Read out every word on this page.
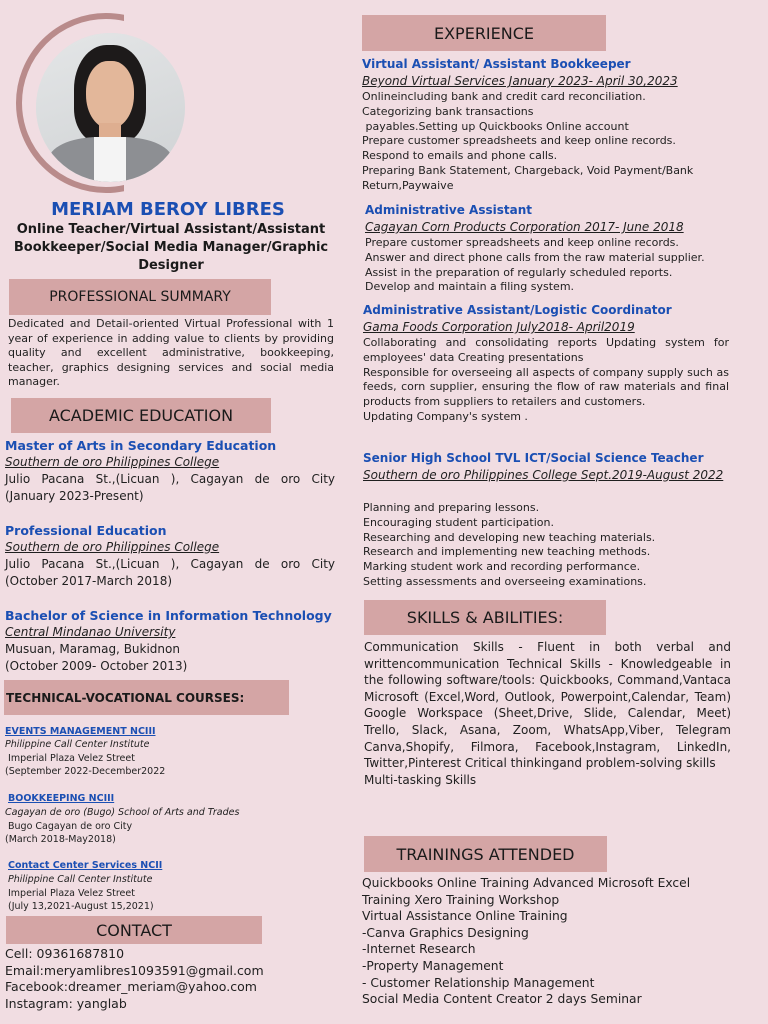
MERIAM BEROY LIBRES
Online Teacher/Virtual Assistant/Assistant Bookkeeper/Social Media Manager/Graphic Designer
PROFESSIONAL SUMMARY
Dedicated and Detail-oriented Virtual Professional with 1 year of experience in adding value to clients by providing quality and excellent administrative, bookkeeping, teacher, graphics designing services and social media manager.
ACADEMIC EDUCATION
Master of Arts in Secondary Education
Southern de oro Philippines College
Julio Pacana St.,(Licuan ), Cagayan de oro City
(January 2023-Present)
Professional Education
Southern de oro Philippines College
Julio Pacana St.,(Licuan ), Cagayan de oro City
(October 2017-March 2018)
Bachelor of Science in Information Technology
Central Mindanao University
Musuan, Maramag, Bukidnon
(October 2009- October 2013)
TECHNICAL-VOCATIONAL COURSES:
EVENTS MANAGEMENT NCIII
Philippine Call Center Institute
Imperial Plaza Velez Street
(September 2022-December2022
BOOKKEEPING NCIII
Cagayan de oro (Bugo) School of Arts and Trades
Bugo Cagayan de oro City
(March 2018-May2018)
Contact Center Services NCII
Philippine Call Center Institute
Imperial Plaza Velez Street
(July 13,2021-August 15,2021)
CONTACT
Cell: 09361687810
Email:meryamlibres1093591@gmail.com
Facebook:dreamer_meriam@yahoo.com
Instagram: yanglab
EXPERIENCE
Virtual Assistant/ Assistant Bookkeeper
Beyond Virtual Services January 2023- April 30,2023
Onlineincluding bank and credit card reconciliation.
Categorizing bank transactions
payables.Setting up Quickbooks Online account
Prepare customer spreadsheets and keep online records.
Respond to emails and phone calls.
Preparing Bank Statement, Chargeback, Void Payment/Bank
Return,Paywaive
Administrative Assistant
Cagayan Corn Products Corporation 2017- June 2018
Prepare customer spreadsheets and keep online records.
Answer and direct phone calls from the raw material supplier.
Assist in the preparation of regularly scheduled reports.
Develop and maintain a filing system.
Administrative Assistant/Logistic Coordinator
Gama Foods Corporation July2018- April2019
Collaborating and consolidating reports Updating system for employees' data Creating presentations
Responsible for overseeing all aspects of company supply such as feeds, corn supplier, ensuring the flow of raw materials and final products from suppliers to retailers and customers.
Updating Company's system .
Senior High School TVL ICT/Social Science Teacher
Southern de oro Philippines College Sept.2019-August 2022
Planning and preparing lessons.
Encouraging student participation.
Researching and developing new teaching materials.
Research and implementing new teaching methods.
Marking student work and recording performance.
Setting assessments and overseeing examinations.
SKILLS & ABILITIES:
Communication Skills - Fluent in both verbal and writtencommunication Technical Skills - Knowledgeable in the following software/tools: Quickbooks, Command,Vantaca Microsoft (Excel,Word, Outlook, Powerpoint,Calendar, Team) Google Workspace (Sheet,Drive, Slide, Calendar, Meet) Trello, Slack, Asana, Zoom, WhatsApp,Viber, Telegram Canva,Shopify, Filmora, Facebook,Instagram, LinkedIn, Twitter,Pinterest Critical thinkingand problem-solving skills
Multi-tasking Skills
TRAININGS ATTENDED
Quickbooks Online Training Advanced Microsoft Excel
Training Xero Training Workshop
Virtual Assistance Online Training
-Canva Graphics Designing
-Internet Research
-Property Management
- Customer Relationship Management
Social Media Content Creator 2 days Seminar
